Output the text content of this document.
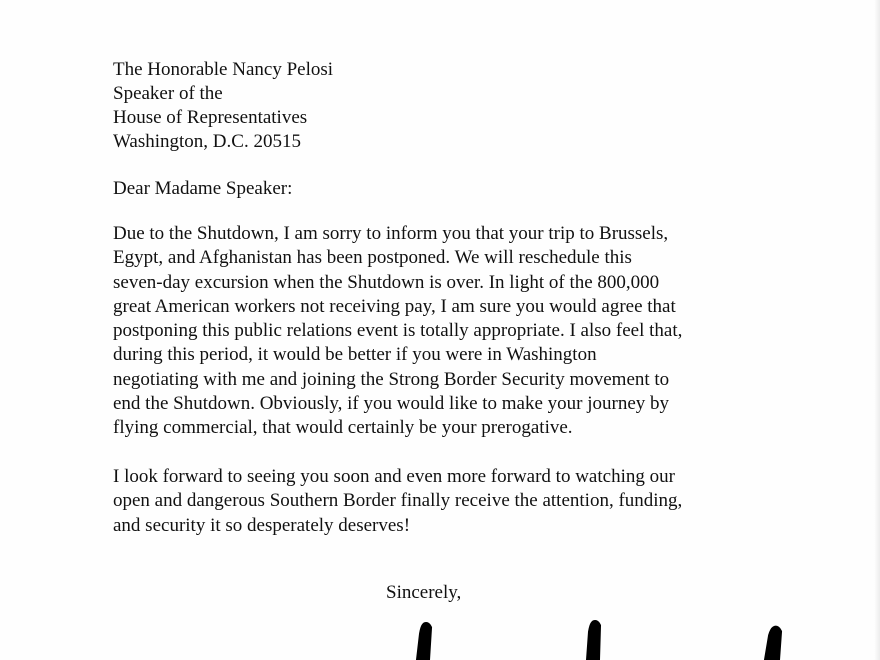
The Honorable Nancy Pelosi
Speaker of the
House of Representatives
Washington, D.C. 20515
Dear Madame Speaker:
Due to the Shutdown, I am sorry to inform you that your trip to Brussels,
Egypt, and Afghanistan has been postponed. We will reschedule this
seven-day excursion when the Shutdown is over. In light of the 800,000
great American workers not receiving pay, I am sure you would agree that
postponing this public relations event is totally appropriate. I also feel that,
during this period, it would be better if you were in Washington
negotiating with me and joining the Strong Border Security movement to
end the Shutdown. Obviously, if you would like to make your journey by
flying commercial, that would certainly be your prerogative.
I look forward to seeing you soon and even more forward to watching our
open and dangerous Southern Border finally receive the attention, funding,
and security it so desperately deserves!
Sincerely,
